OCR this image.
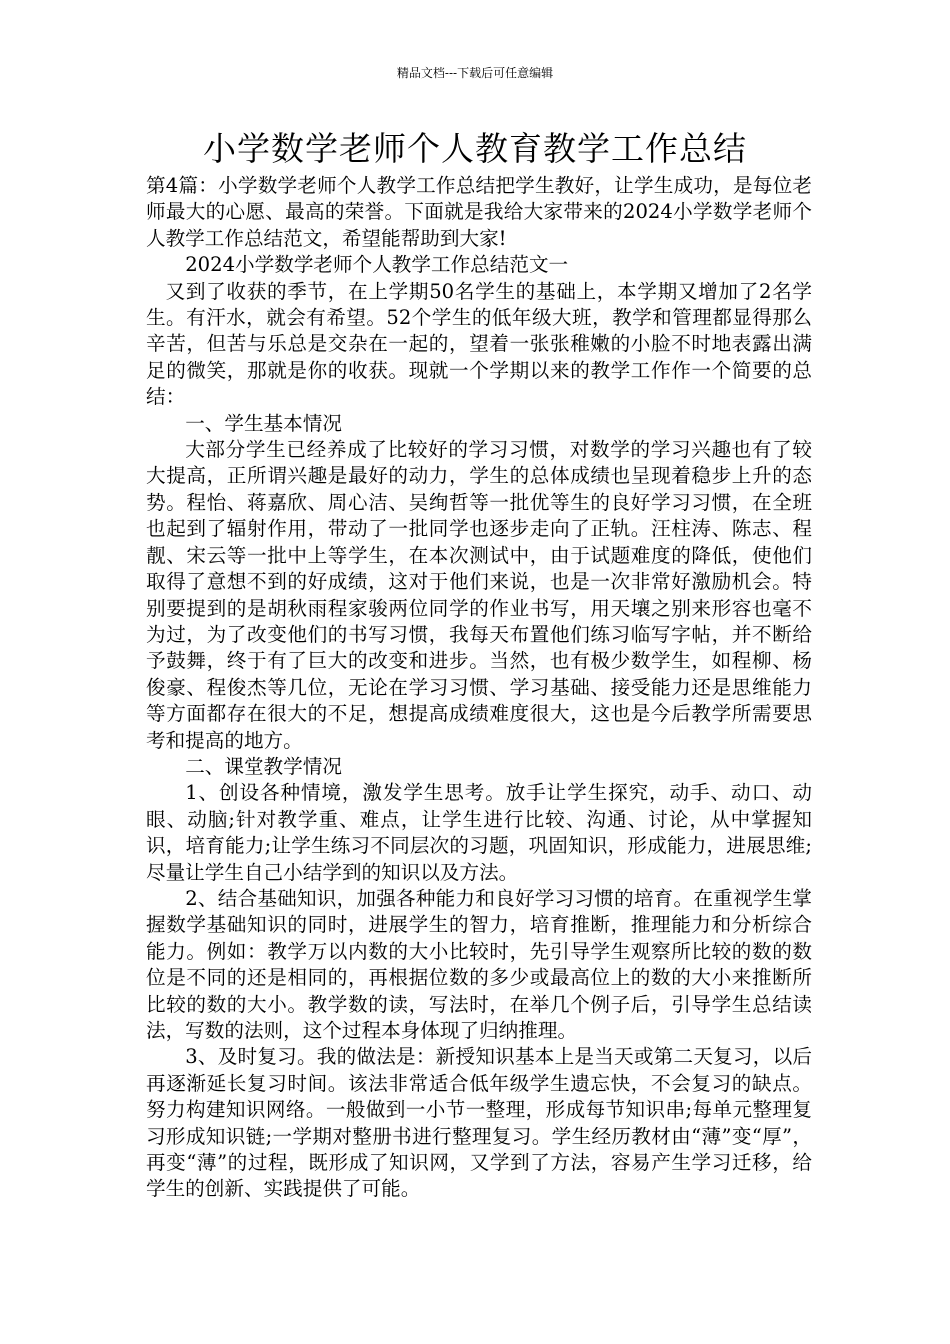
精品文档---下载后可任意编辑
小学数学老师个人教育教学工作总结

第4篇：小学数学老师个人教学工作总结把学生教好，让学生成功，是每位老师最大的心愿、最高的荣誉。下面就是我给大家带来的2024小学数学老师个人教学工作总结范文，希望能帮助到大家!

2024小学数学老师个人教学工作总结范文一

又到了收获的季节，在上学期50名学生的基础上，本学期又增加了2名学生。有汗水，就会有希望。52个学生的低年级大班，教学和管理都显得那么辛苦，但苦与乐总是交杂在一起的，望着一张张稚嫩的小脸不时地表露出满足的微笑，那就是你的收获。现就一个学期以来的教学工作作一个简要的总结：

一、学生基本情况

大部分学生已经养成了比较好的学习习惯，对数学的学习兴趣也有了较大提高，正所谓兴趣是最好的动力，学生的总体成绩也呈现着稳步上升的态势。程怡、蒋嘉欣、周心洁、吴绚哲等一批优等生的良好学习习惯，在全班也起到了辐射作用，带动了一批同学也逐步走向了正轨。汪柱涛、陈志、程靓、宋云等一批中上等学生，在本次测试中，由于试题难度的降低，使他们取得了意想不到的好成绩，这对于他们来说，也是一次非常好激励机会。特别要提到的是胡秋雨程家骏两位同学的作业书写，用天壤之别来形容也毫不为过，为了改变他们的书写习惯，我每天布置他们练习临写字帖，并不断给予鼓舞，终于有了巨大的改变和进步。当然，也有极少数学生，如程柳、杨俊豪、程俊杰等几位，无论在学习习惯、学习基础、接受能力还是思维能力等方面都存在很大的不足，想提高成绩难度很大，这也是今后教学所需要思考和提高的地方。

二、课堂教学情况

1、创设各种情境，激发学生思考。放手让学生探究，动手、动口、动眼、动脑;针对教学重、难点，让学生进行比较、沟通、讨论，从中掌握知识，培育能力;让学生练习不同层次的习题，巩固知识，形成能力，进展思维;尽量让学生自己小结学到的知识以及方法。

2、结合基础知识，加强各种能力和良好学习习惯的培育。在重视学生掌握数学基础知识的同时，进展学生的智力，培育推断，推理能力和分析综合能力。例如：教学万以内数的大小比较时，先引导学生观察所比较的数的数位是不同的还是相同的，再根据位数的多少或最高位上的数的大小来推断所比较的数的大小。教学数的读，写法时，在举几个例子后，引导学生总结读法，写数的法则，这个过程本身体现了归纳推理。

3、及时复习。我的做法是：新授知识基本上是当天或第二天复习，以后再逐渐延长复习时间。该法非常适合低年级学生遗忘快，不会复习的缺点。努力构建知识网络。一般做到一小节一整理，形成每节知识串;每单元整理复习形成知识链;一学期对整册书进行整理复习。学生经历教材由“薄”变“厚”，再变“薄”的过程，既形成了知识网，又学到了方法，容易产生学习迁移，给学生的创新、实践提供了可能。
